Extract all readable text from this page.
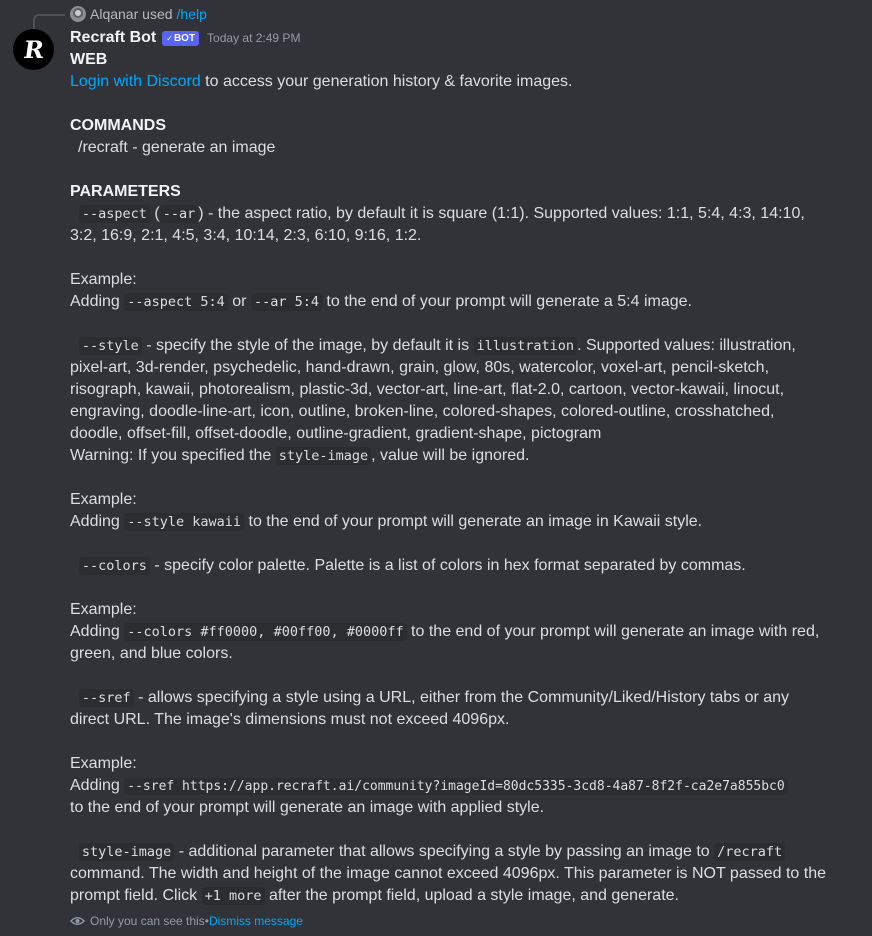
Alqanar
used /help
R Recraft Bot ✓ BOT Today at 2:49 PM
WEB
Login with Discord to access your generation history & favorite images.
COMMANDS
/recraft - generate an image
PARAMETERS
--aspect ( --ar ) - the aspect ratio, by default it is square (1:1). Supported values: 1:1, 5:4, 4:3, 14:10, 3:2, 16:9, 2:1, 4:5, 3:4, 10:14, 2:3, 6:10, 9:16, 1:2.
Example:
Adding --aspect 5:4 or --ar 5:4 to the end of your prompt will generate a 5:4 image.
--style - specify the style of the image, by default it is illustration . Supported values: illustration, pixel-art, 3d-render, psychedelic, hand-drawn, grain, glow, 80s, watercolor, voxel-art, pencil-sketch, risograph, kawaii, photorealism, plastic-3d, vector-art, line-art, flat-2.0, cartoon, vector-kawaii, linocut, engraving, doodle-line-art, icon, outline, broken-line, colored-shapes, colored-outline, crosshatched, doodle, offset-fill, offset-doodle, outline-gradient, gradient-shape, pictogram
Warning: If you specified the style-image , value will be ignored.
Example:
Adding --style kawaii to the end of your prompt will generate an image in Kawaii style.
--colors - specify color palette. Palette is a list of colors in hex format separated by commas.
Example:
Adding --colors #ff0000, #00ff00, #0000ff to the end of your prompt will generate an image with red, green, and blue colors.
--sref - allows specifying a style using a URL, either from the Community/Liked/History tabs or any direct URL. The image's dimensions must not exceed 4096px.
Example:
Adding --sref https://app.recraft.ai/community?imageId=80dc5335-3cd8-4a87-8f2f-ca2e7a855bc0
to the end of your prompt will generate an image with applied style.
style-image - additional parameter that allows specifying a style by passing an image to /recraft command. The width and height of the image cannot exceed 4096px. This parameter is NOT passed to the prompt field. Click +1 more after the prompt field, upload a style image, and generate.
Only you can see this • Dismiss message
